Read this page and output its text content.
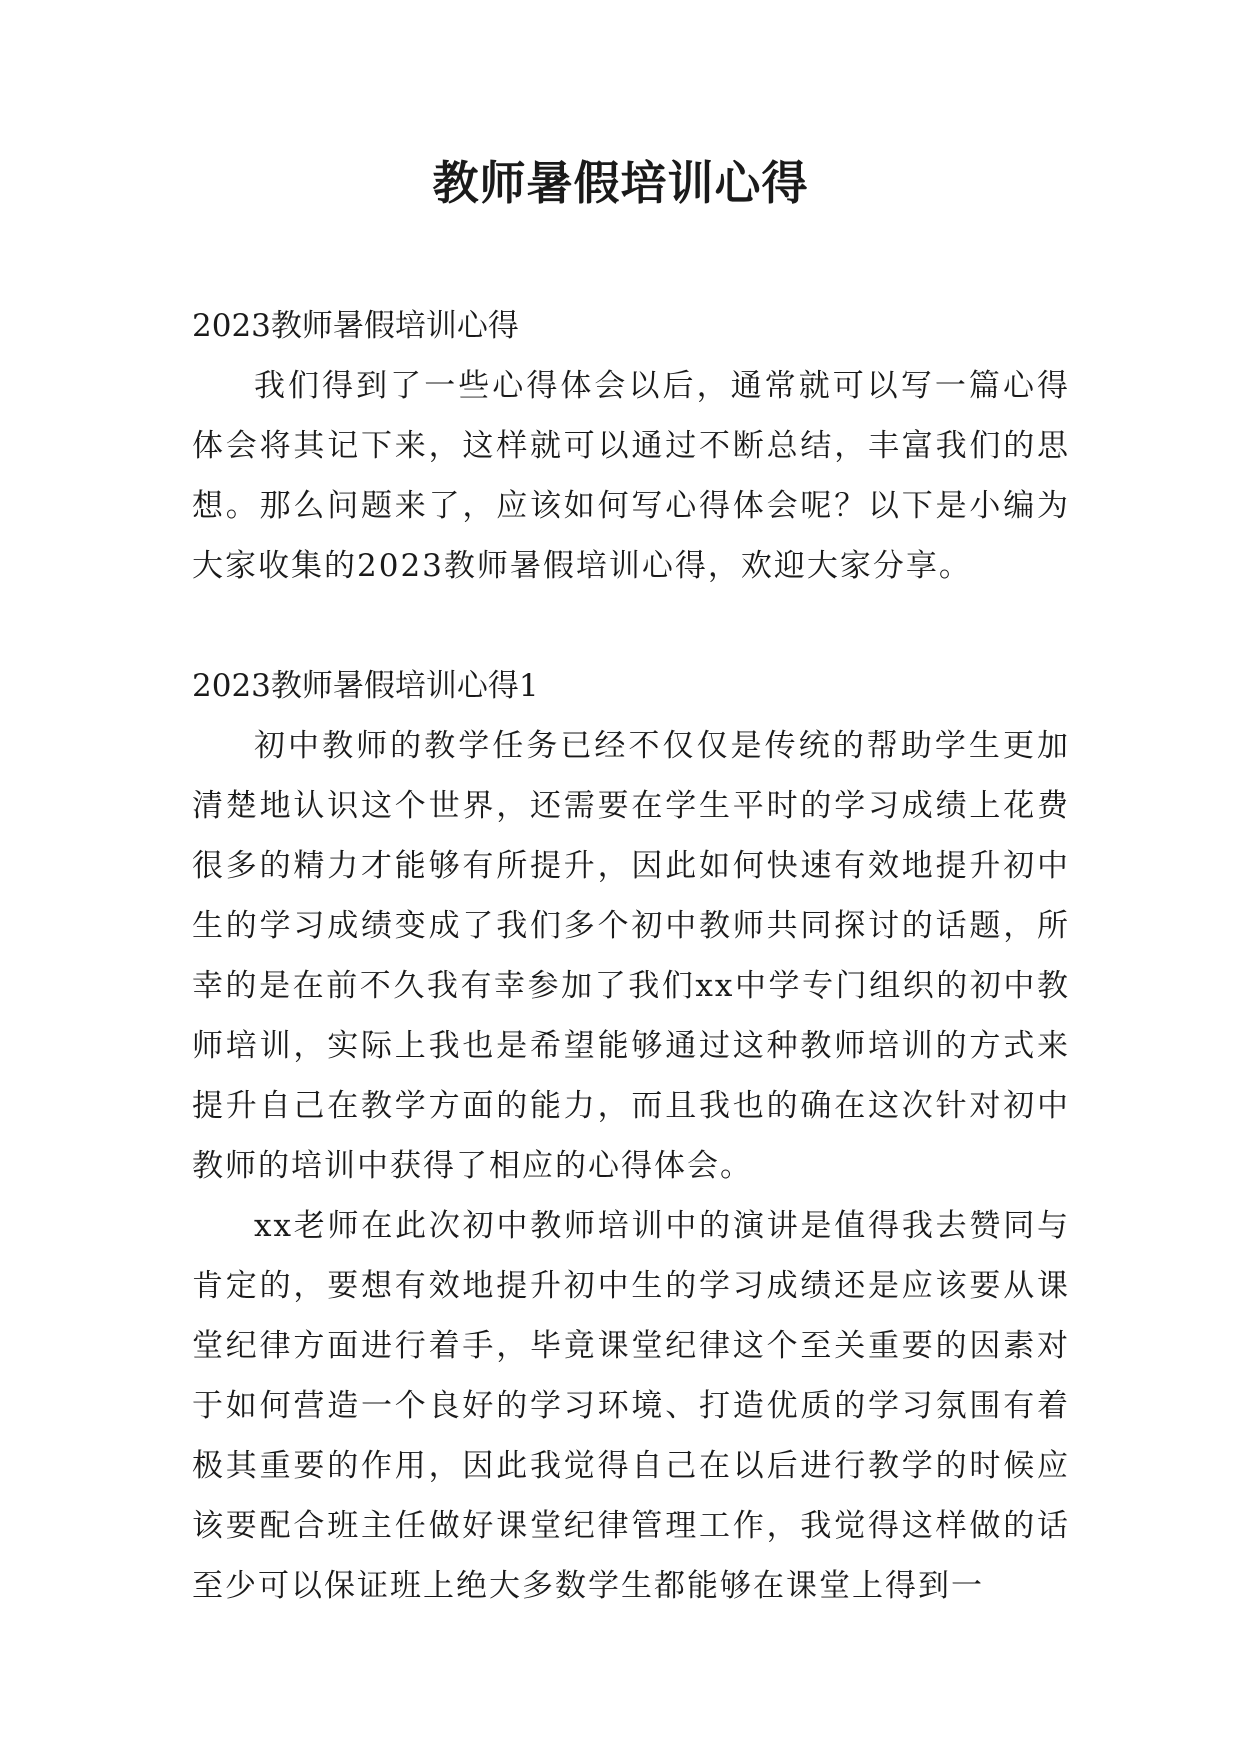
教师暑假培训心得

2023教师暑假培训心得

我们得到了一些心得体会以后，通常就可以写一篇心得体会将其记下来，这样就可以通过不断总结，丰富我们的思想。那么问题来了，应该如何写心得体会呢？以下是小编为大家收集的2023教师暑假培训心得，欢迎大家分享。

2023教师暑假培训心得1

初中教师的教学任务已经不仅仅是传统的帮助学生更加清楚地认识这个世界，还需要在学生平时的学习成绩上花费很多的精力才能够有所提升，因此如何快速有效地提升初中生的学习成绩变成了我们多个初中教师共同探讨的话题，所幸的是在前不久我有幸参加了我们xx中学专门组织的初中教师培训，实际上我也是希望能够通过这种教师培训的方式来提升自己在教学方面的能力，而且我也的确在这次针对初中教师的培训中获得了相应的心得体会。

xx老师在此次初中教师培训中的演讲是值得我去赞同与肯定的，要想有效地提升初中生的学习成绩还是应该要从课堂纪律方面进行着手，毕竟课堂纪律这个至关重要的因素对于如何营造一个良好的学习环境、打造优质的学习氛围有着极其重要的作用，因此我觉得自己在以后进行教学的时候应该要配合班主任做好课堂纪律管理工作，我觉得这样做的话至少可以保证班上绝大多数学生都能够在课堂上得到一
